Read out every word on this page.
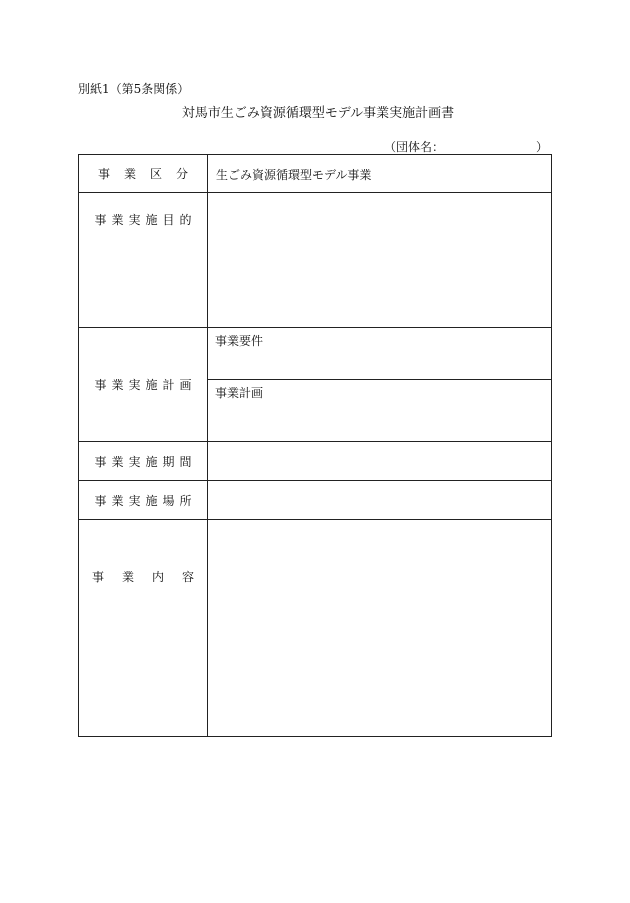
別紙1（第5条関係）
対馬市生ごみ資源循環型モデル事業実施計画書
（団体名：	）
事業区分	生ごみ資源循環型モデル事業

事業実施目的	

事業実施計画	事業要件
事業計画

事業実施期間	

事業実施場所	

事業内容	
